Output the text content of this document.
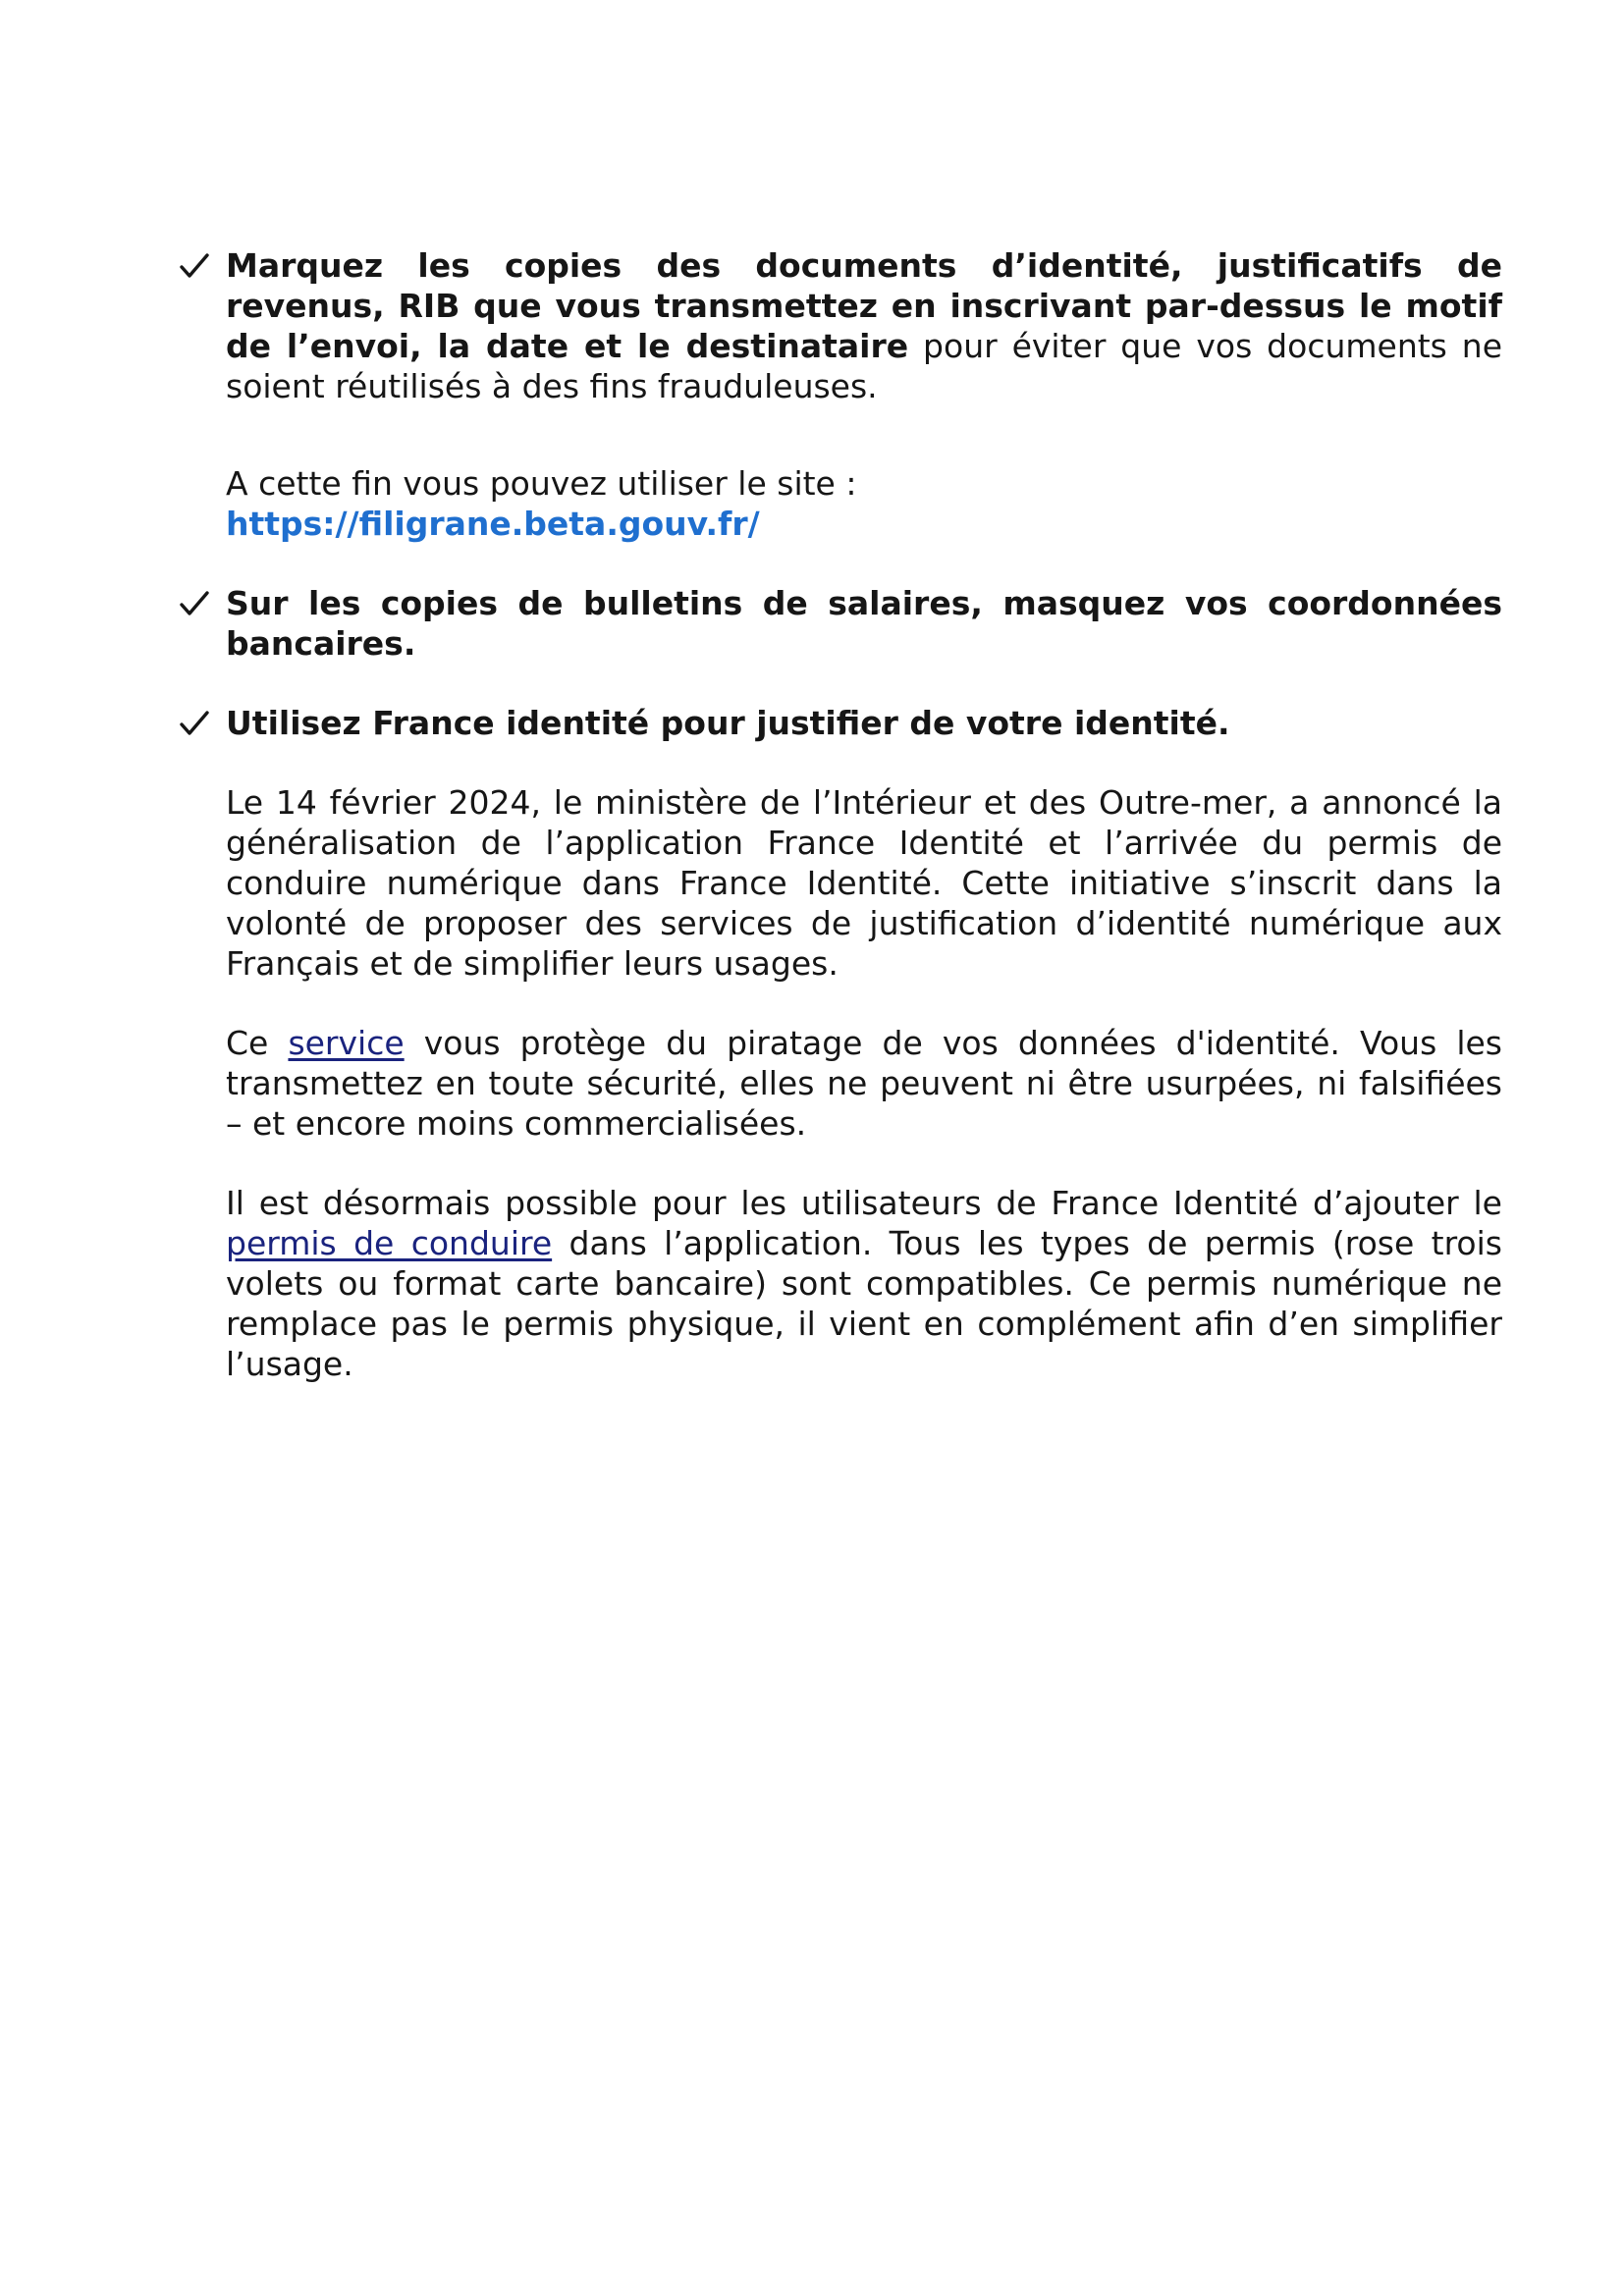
Marquez les copies des documents d’identité, justificatifs de revenus, RIB que vous transmettez en inscrivant par-dessus le motif de l’envoi, la date et le destinataire pour éviter que vos documents ne soient réutilisés à des fins frauduleuses.

A cette fin vous pouvez utiliser le site :
https://filigrane.beta.gouv.fr/

Sur les copies de bulletins de salaires, masquez vos coordonnées bancaires.

Utilisez France identité pour justifier de votre identité.

Le 14 février 2024, le ministère de l’Intérieur et des Outre-mer, a annoncé la généralisation de l’application France Identité et l’arrivée du permis de conduire numérique dans France Identité. Cette initiative s’inscrit dans la volonté de proposer des services de justification d’identité numérique aux Français et de simplifier leurs usages.

Ce service vous protège du piratage de vos données d'identité. Vous les transmettez en toute sécurité, elles ne peuvent ni être usurpées, ni falsifiées – et encore moins commercialisées.

Il est désormais possible pour les utilisateurs de France Identité d’ajouter le permis de conduire dans l’application. Tous les types de permis (rose trois volets ou format carte bancaire) sont compatibles. Ce permis numérique ne remplace pas le permis physique, il vient en complément afin d’en simplifier l’usage.
